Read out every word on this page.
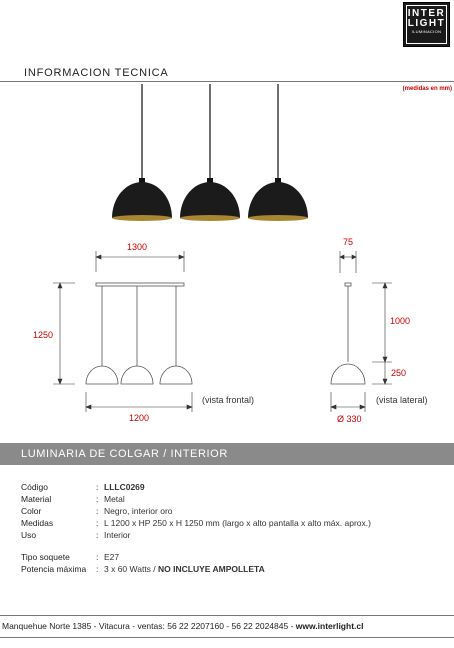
INTER
LIGHT
ILUMINACION
INFORMACION TECNICA
(medidas en mm)
1300
1250
1200
(vista frontal)
75
1000
250
Ø 330
(vista lateral)
LUMINARIA DE COLGAR / INTERIOR
Código	: LLLC0269
Material	: Metal
Color	: Negro, interior oro
Medidas	: L 1200 x HP 250 x H 1250 mm (largo x alto pantalla x alto máx. aprox.)
Uso	: Interior
Tipo soquete	: E27
Potencia máxima	: 3 x 60 Watts / NO INCLUYE AMPOLLETA
Manquehue Norte 1385 - Vitacura - ventas: 56 22 2207160 - 56 22 2024845 - www.interlight.cl
